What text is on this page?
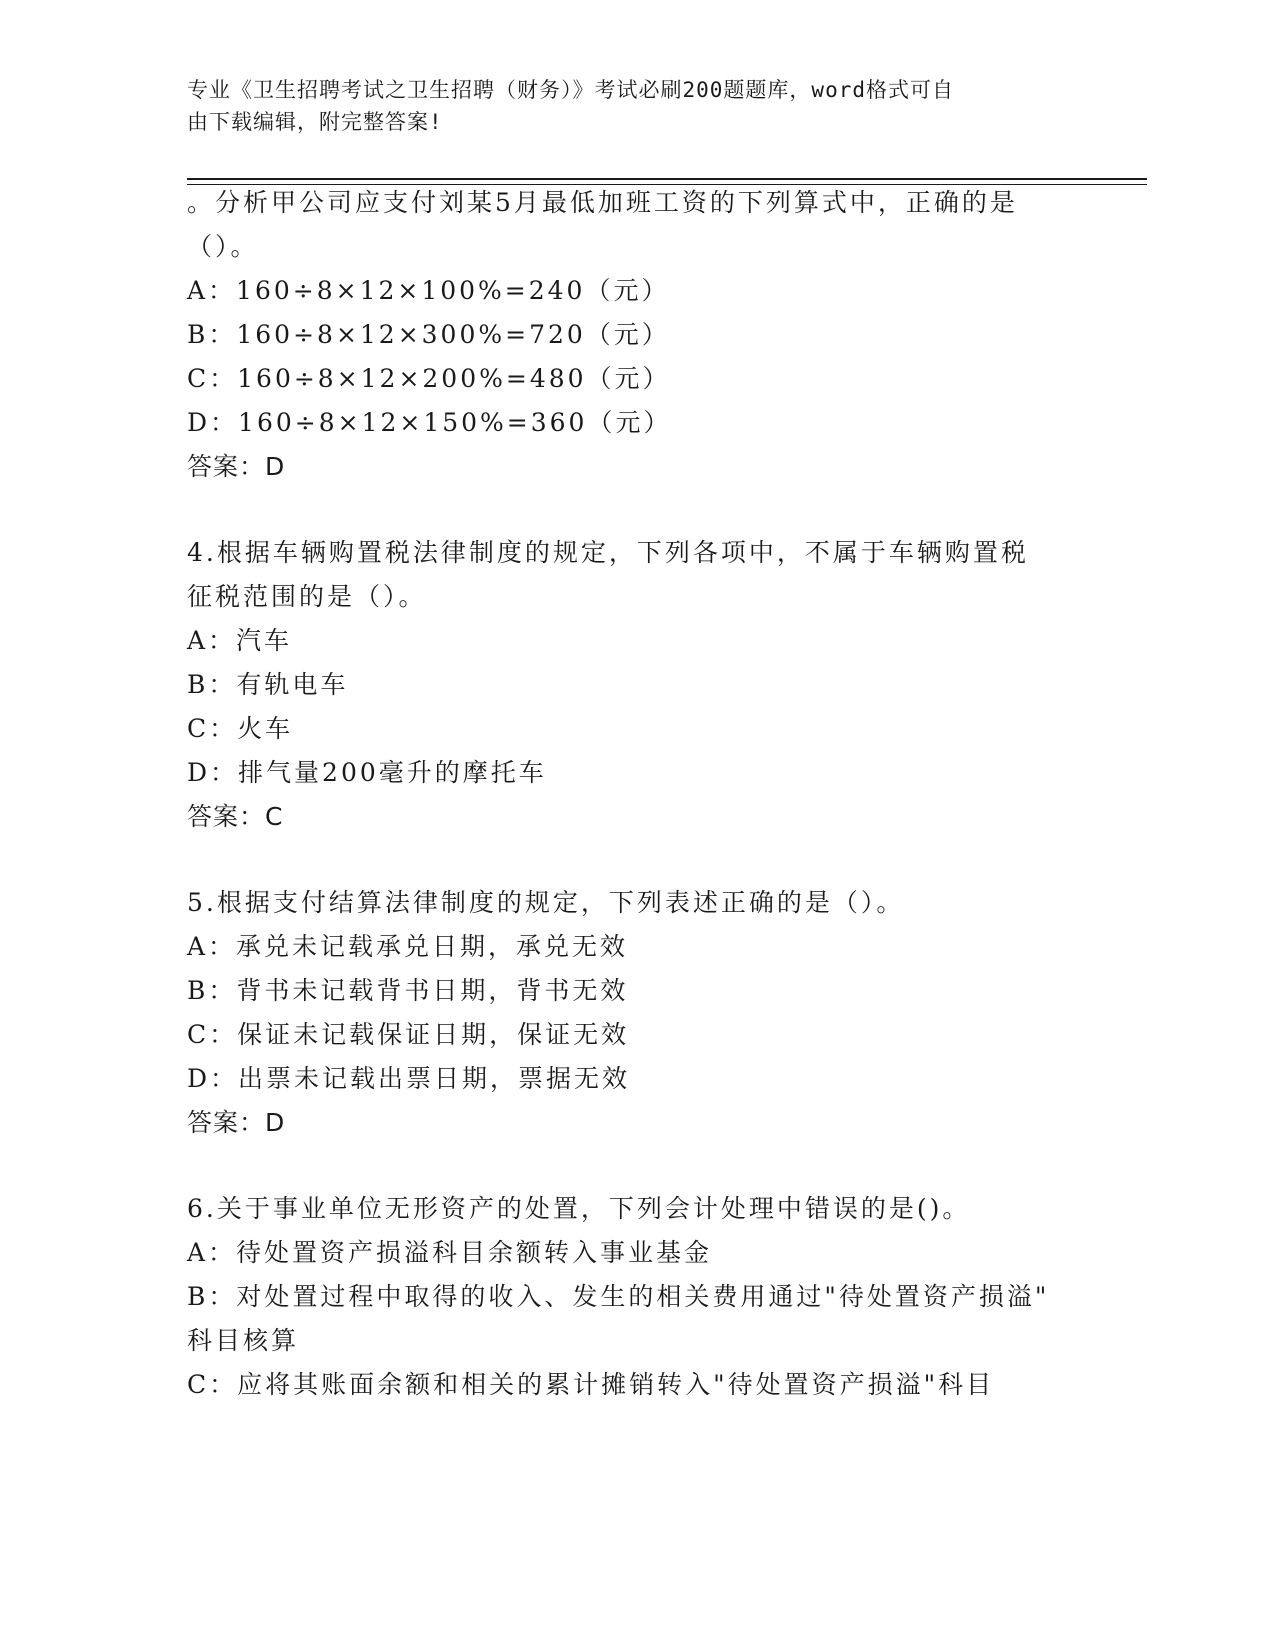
专业《卫生招聘考试之卫生招聘（财务）》考试必刷200题题库，word格式可自
由下载编辑，附完整答案!
。分析甲公司应支付刘某5月最低加班工资的下列算式中，正确的是
（）。
A：160÷8×12×100%=240（元）
B：160÷8×12×300%=720（元）
C：160÷8×12×200%=480（元）
D：160÷8×12×150%=360（元）
答案：D
4.根据车辆购置税法律制度的规定，下列各项中，不属于车辆购置税
征税范围的是（）。
A：汽车
B：有轨电车
C：火车
D：排气量200毫升的摩托车
答案：C
5.根据支付结算法律制度的规定，下列表述正确的是（）。
A：承兑未记载承兑日期，承兑无效
B：背书未记载背书日期，背书无效
C：保证未记载保证日期，保证无效
D：出票未记载出票日期，票据无效
答案：D
6.关于事业单位无形资产的处置，下列会计处理中错误的是()。
A：待处置资产损溢科目余额转入事业基金
B：对处置过程中取得的收入、发生的相关费用通过"待处置资产损溢"
科目核算
C：应将其账面余额和相关的累计摊销转入"待处置资产损溢"科目
